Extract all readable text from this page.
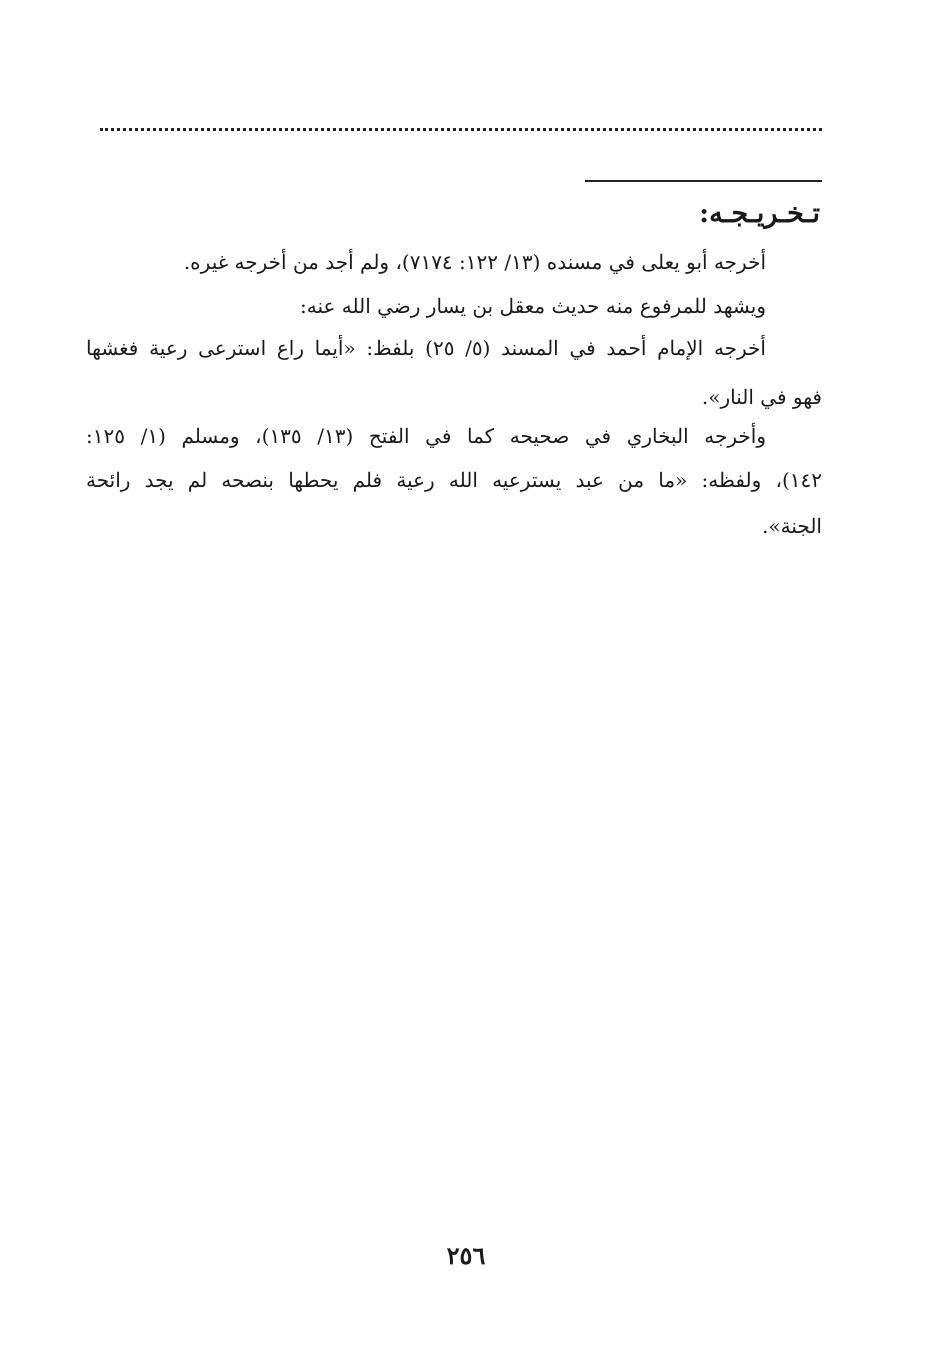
تـخـريـجـه:
أخرجه أبو يعلى في مسنده (١٣/ ١٢٢: ٧١٧٤)، ولم أجد من أخرجه غيره.
ويشهد للمرفوع منه حديث معقل بن يسار رضي الله عنه:
أخرجه الإمام أحمد في المسند (٥/ ٢٥) بلفظ: «أيما راع استرعى رعية فغشها
فهو في النار».
وأخرجه البخاري في صحيحه كما في الفتح (١٣/ ١٣٥)، ومسلم (١/ ١٢٥:
١٤٢)، ولفظه: «ما من عبد يسترعيه الله رعية فلم يحطها بنصحه لم يجد رائحة
الجنة».
٢٥٦
